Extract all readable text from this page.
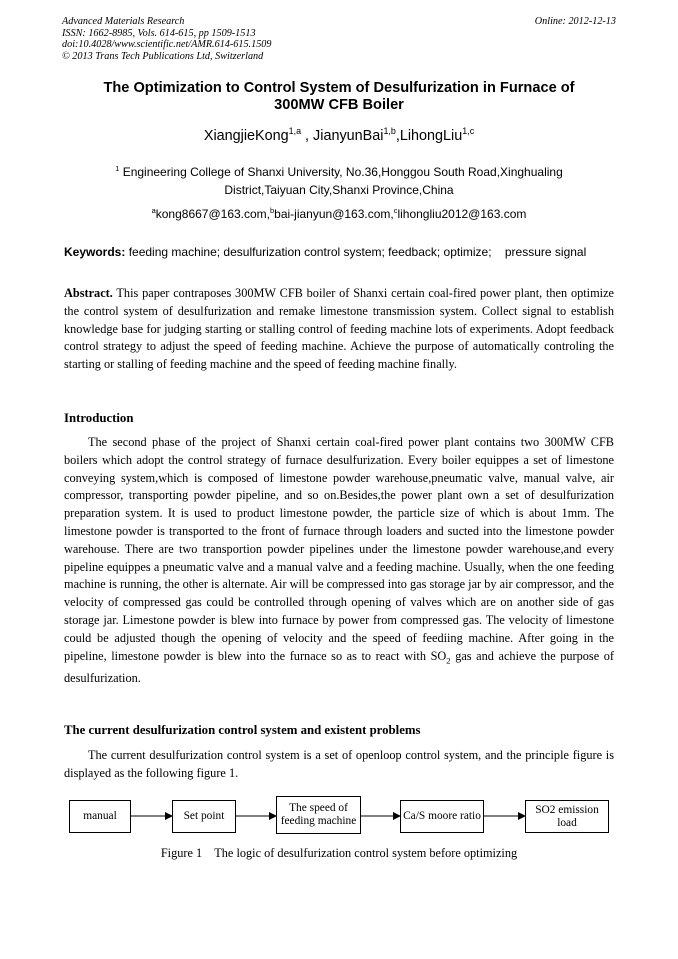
Advanced Materials Research
ISSN: 1662-8985, Vols. 614-615, pp 1509-1513
doi:10.4028/www.scientific.net/AMR.614-615.1509
© 2013 Trans Tech Publications Ltd, Switzerland
Online: 2012-12-13
The Optimization to Control System of Desulfurization in Furnace of
300MW CFB Boiler
XiangjieKong$^{1,a}$ , JianyunBai$^{1,b}$,LihongLiu$^{1,c}$
$^1$ Engineering College of Shanxi University, No.36,Honggou South Road,Xinghualing
District,Taiyuan City,Shanxi Province,China
$^a$kong8667@163.com,$^b$bai-jianyun@163.com,$^c$lihongliu2012@163.com
Keywords: feeding machine; desulfurization control system; feedback; optimize;    pressure signal
Abstract. This paper contraposes 300MW CFB boiler of Shanxi certain coal-fired power plant, then optimize the control system of desulfurization and remake limestone transmission system. Collect signal to establish knowledge base for judging starting or stalling control of feeding machine lots of experiments. Adopt feedback control strategy to adjust the speed of feeding machine. Achieve the purpose of automatically controling the starting or stalling of feeding machine and the speed of feeding machine finally.
Introduction
The second phase of the project of Shanxi certain coal-fired power plant contains two 300MW CFB boilers which adopt the control strategy of furnace desulfurization. Every boiler equippes a set of limestone conveying system,which is composed of limestone powder warehouse,pneumatic valve, manual valve, air compressor, transporting powder pipeline, and so on.Besides,the power plant own a set of desulfurization preparation system. It is used to product limestone powder, the particle size of which is about 1mm. The limestone powder is transported to the front of furnace through loaders and sucted into the limestone powder warehouse. There are two transportion powder pipelines under the limestone powder warehouse,and every pipeline equippes a pneumatic valve and a manual valve and a feeding machine. Usually, when the one feeding machine is running, the other is alternate. Air will be compressed into gas storage jar by air compressor, and the velocity of compressed gas could be controlled through opening of valves which are on another side of gas storage jar. Limestone powder is blew into furnace by power from compressed gas. The velocity of limestone could be adjusted though the opening of velocity and the speed of feediing machine. After going in the pipeline, limestone powder is blew into the furnace so as to react with $SO_2$ gas and achieve the purpose of desulfurization.
The current desulfurization control system and existent problems
The current desulfurization control system is a set of openloop control system, and the principle figure is displayed as the following figure 1.
manual	Set point
The speed of feeding machine	Ca/S moore ratio
SO2 emission load
Figure 1    The logic of desulfurization control system before optimizing
